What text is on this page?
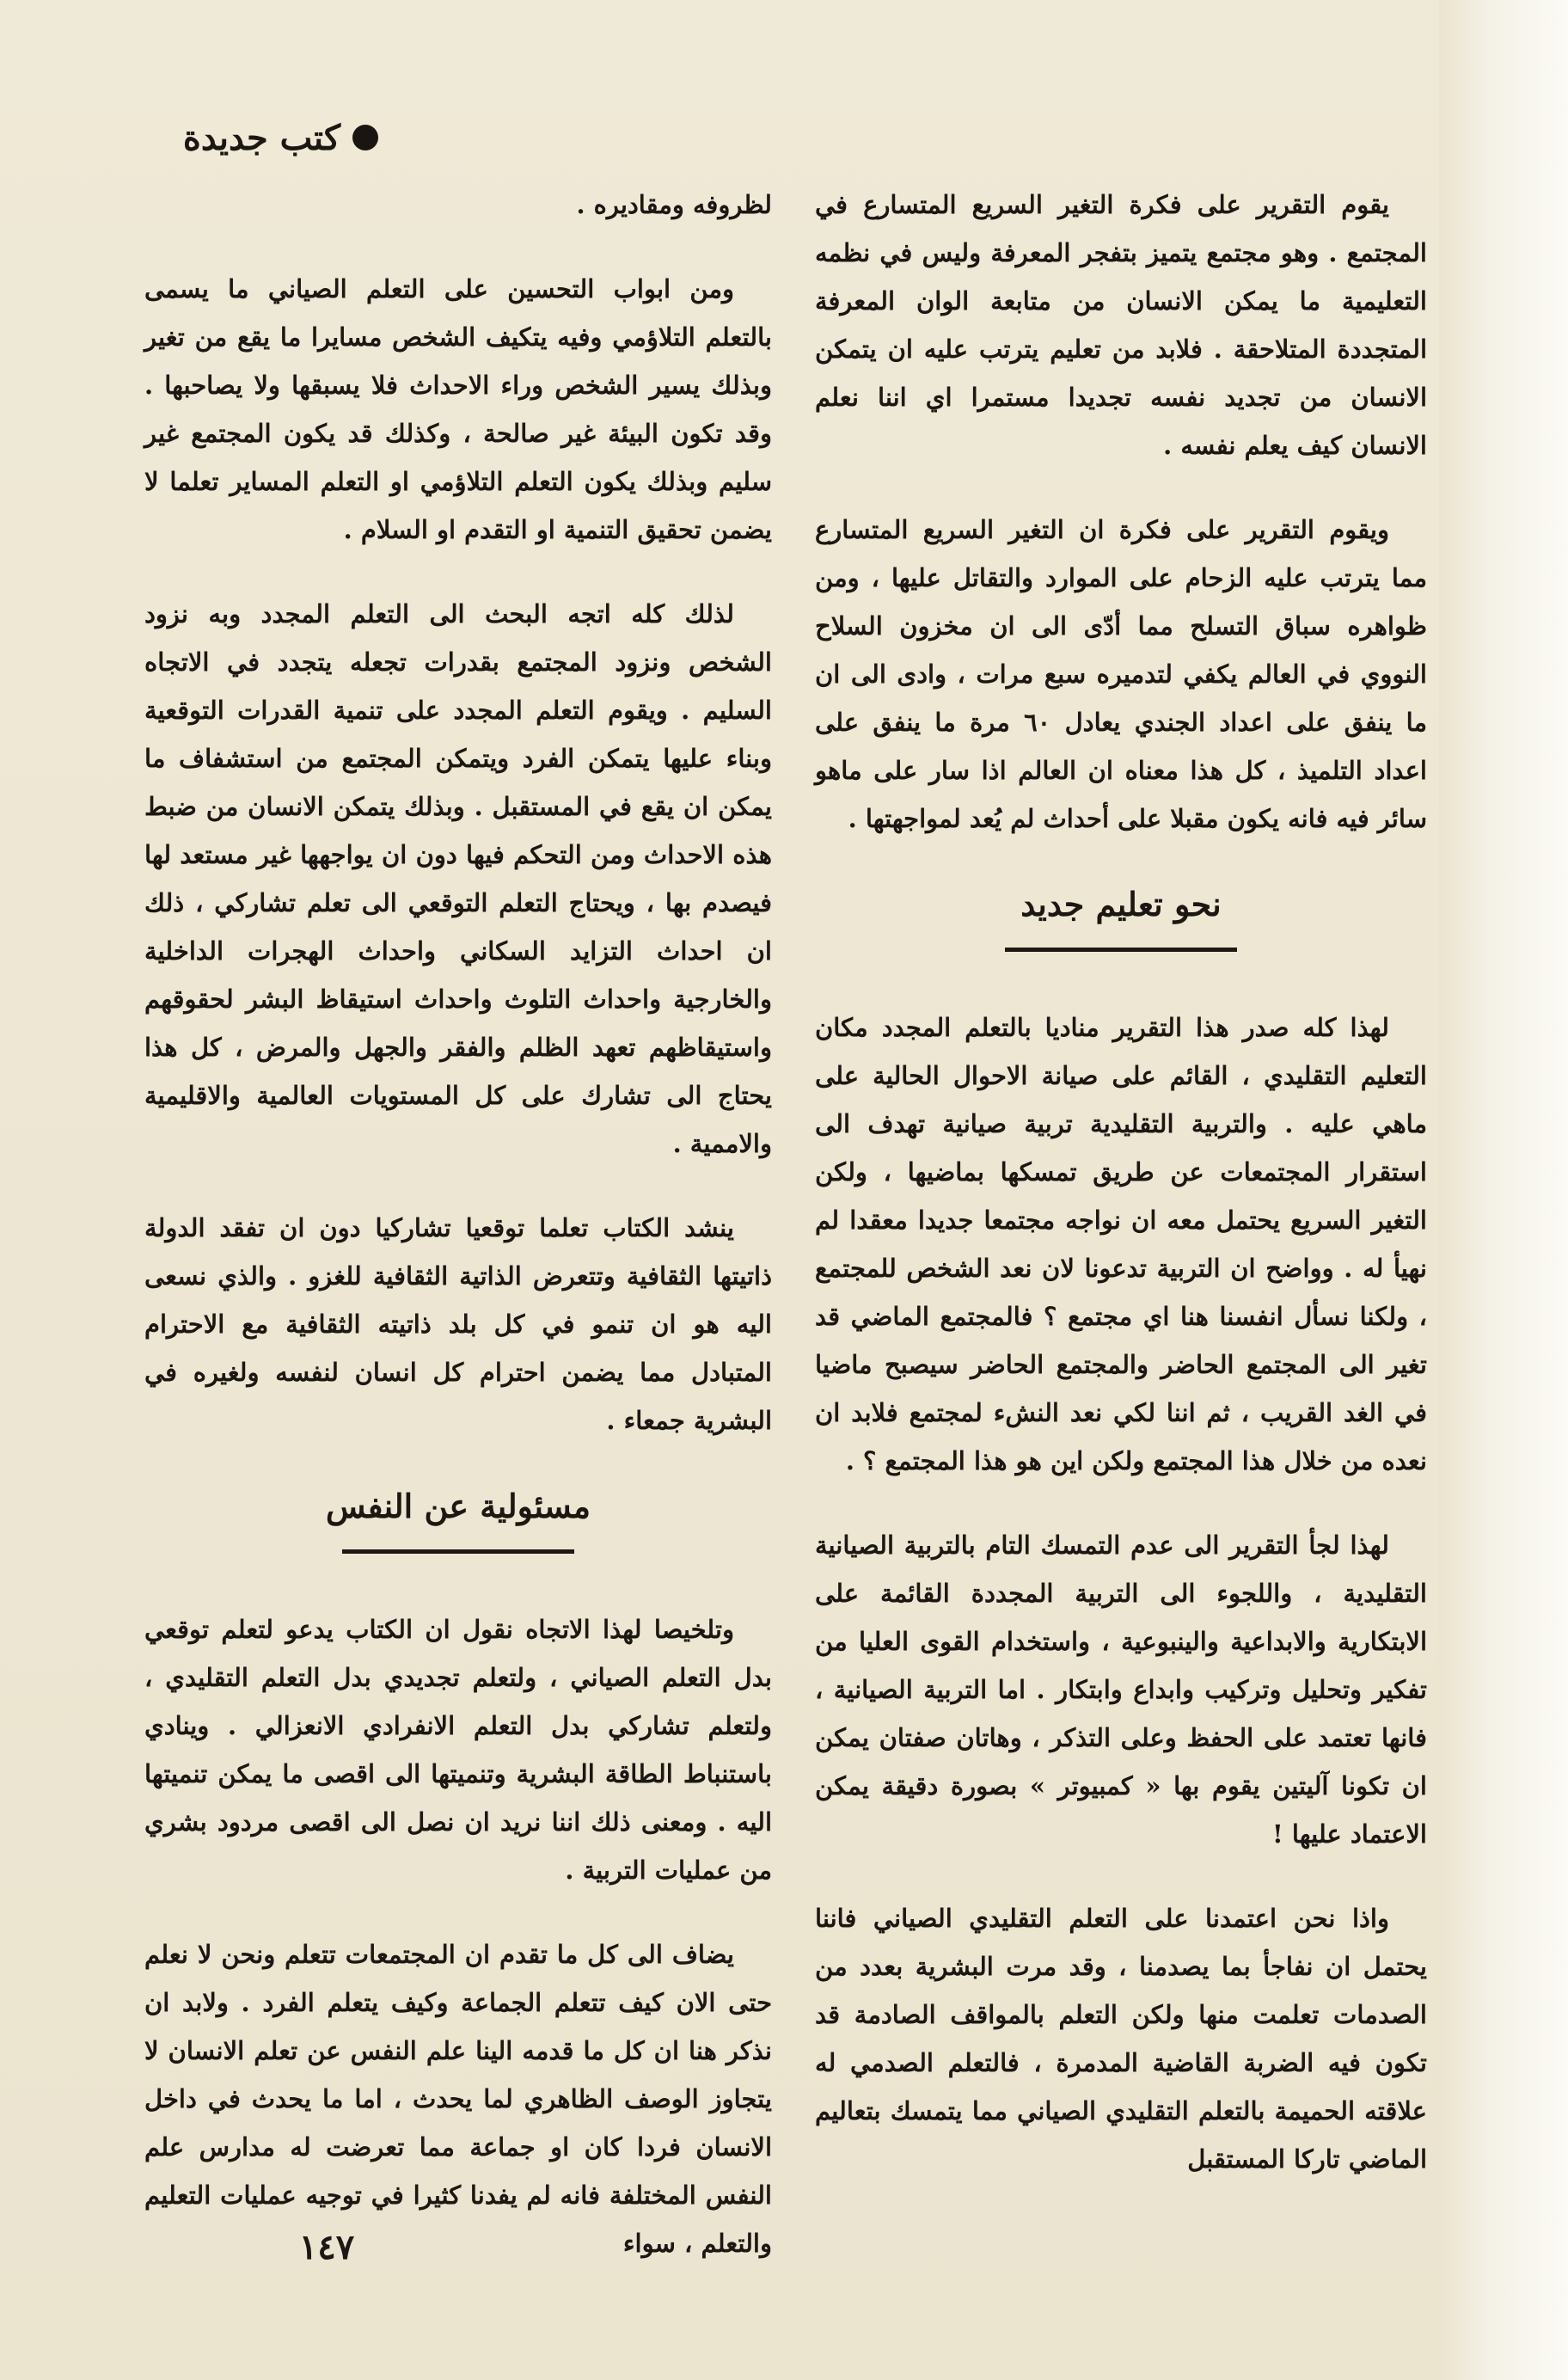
كتب جديدة

يقوم التقرير على فكرة التغير السريع المتسارع في المجتمع . وهو مجتمع يتميز بتفجر المعرفة وليس في نظمه التعليمية ما يمكن الانسان من متابعة الوان المعرفة المتجددة المتلاحقة . فلابد من تعليم يترتب عليه ان يتمكن الانسان من تجديد نفسه تجديدا مستمرا اي اننا نعلم الانسان كيف يعلم نفسه .

ويقوم التقرير على فكرة ان التغير السريع المتسارع مما يترتب عليه الزحام على الموارد والتقاتل عليها ، ومن ظواهره سباق التسلح مما أدّى الى ان مخزون السلاح النووي في العالم يكفي لتدميره سبع مرات ، وادى الى ان ما ينفق على اعداد الجندي يعادل ٦٠ مرة ما ينفق على اعداد التلميذ ، كل هذا معناه ان العالم اذا سار على ماهو سائر فيه فانه يكون مقبلا على أحداث لم يُعد لمواجهتها .

نحو تعليم جديد

لهذا كله صدر هذا التقرير مناديا بالتعلم المجدد مكان التعليم التقليدي ، القائم على صيانة الاحوال الحالية على ماهي عليه . والتربية التقليدية تربية صيانية تهدف الى استقرار المجتمعات عن طريق تمسكها بماضيها ، ولكن التغير السريع يحتمل معه ان نواجه مجتمعا جديدا معقدا لم نهيأ له . وواضح ان التربية تدعونا لان نعد الشخص للمجتمع ، ولكنا نسأل انفسنا هنا اي مجتمع ؟ فالمجتمع الماضي قد تغير الى المجتمع الحاضر والمجتمع الحاضر سيصبح ماضيا في الغد القريب ، ثم اننا لكي نعد النشء لمجتمع فلابد ان نعده من خلال هذا المجتمع ولكن اين هو هذا المجتمع ؟ .

لهذا لجأ التقرير الى عدم التمسك التام بالتربية الصيانية التقليدية ، واللجوء الى التربية المجددة القائمة على الابتكارية والابداعية والينبوعية ، واستخدام القوى العليا من تفكير وتحليل وتركيب وابداع وابتكار . اما التربية الصيانية ، فانها تعتمد على الحفظ وعلى التذكر ، وهاتان صفتان يمكن ان تكونا آليتين يقوم بها « كمبيوتر » بصورة دقيقة يمكن الاعتماد عليها !

واذا نحن اعتمدنا على التعلم التقليدي الصياني فاننا يحتمل ان نفاجأ بما يصدمنا ، وقد مرت البشرية بعدد من الصدمات تعلمت منها ولكن التعلم بالمواقف الصادمة قد تكون فيه الضربة القاضية المدمرة ، فالتعلم الصدمي له علاقته الحميمة بالتعلم التقليدي الصياني مما يتمسك بتعاليم الماضي تاركا المستقبل

لظروفه ومقاديره .

ومن ابواب التحسين على التعلم الصياني ما يسمى بالتعلم التلاؤمي وفيه يتكيف الشخص مسايرا ما يقع من تغير وبذلك يسير الشخص وراء الاحداث فلا يسبقها ولا يصاحبها . وقد تكون البيئة غير صالحة ، وكذلك قد يكون المجتمع غير سليم وبذلك يكون التعلم التلاؤمي او التعلم المساير تعلما لا يضمن تحقيق التنمية او التقدم او السلام .

لذلك كله اتجه البحث الى التعلم المجدد وبه نزود الشخص ونزود المجتمع بقدرات تجعله يتجدد في الاتجاه السليم . ويقوم التعلم المجدد على تنمية القدرات التوقعية وبناء عليها يتمكن الفرد ويتمكن المجتمع من استشفاف ما يمكن ان يقع في المستقبل . وبذلك يتمكن الانسان من ضبط هذه الاحداث ومن التحكم فيها دون ان يواجهها غير مستعد لها فيصدم بها ، ويحتاج التعلم التوقعي الى تعلم تشاركي ، ذلك ان احداث التزايد السكاني واحداث الهجرات الداخلية والخارجية واحداث التلوث واحداث استيقاظ البشر لحقوقهم واستيقاظهم تعهد الظلم والفقر والجهل والمرض ، كل هذا يحتاج الى تشارك على كل المستويات العالمية والاقليمية والاممية .

ينشد الكتاب تعلما توقعيا تشاركيا دون ان تفقد الدولة ذاتيتها الثقافية وتتعرض الذاتية الثقافية للغزو . والذي نسعى اليه هو ان تنمو في كل بلد ذاتيته الثقافية مع الاحترام المتبادل مما يضمن احترام كل انسان لنفسه ولغيره في البشرية جمعاء .

مسئولية عن النفس

وتلخيصا لهذا الاتجاه نقول ان الكتاب يدعو لتعلم توقعي بدل التعلم الصياني ، ولتعلم تجديدي بدل التعلم التقليدي ، ولتعلم تشاركي بدل التعلم الانفرادي الانعزالي . وينادي باستنباط الطاقة البشرية وتنميتها الى اقصى ما يمكن تنميتها اليه . ومعنى ذلك اننا نريد ان نصل الى اقصى مردود بشري من عمليات التربية .

يضاف الى كل ما تقدم ان المجتمعات تتعلم ونحن لا نعلم حتى الان كيف تتعلم الجماعة وكيف يتعلم الفرد . ولابد ان نذكر هنا ان كل ما قدمه الينا علم النفس عن تعلم الانسان لا يتجاوز الوصف الظاهري لما يحدث ، اما ما يحدث في داخل الانسان فردا كان او جماعة مما تعرضت له مدارس علم النفس المختلفة فانه لم يفدنا كثيرا في توجيه عمليات التعليم والتعلم ، سواء

١٤٧
